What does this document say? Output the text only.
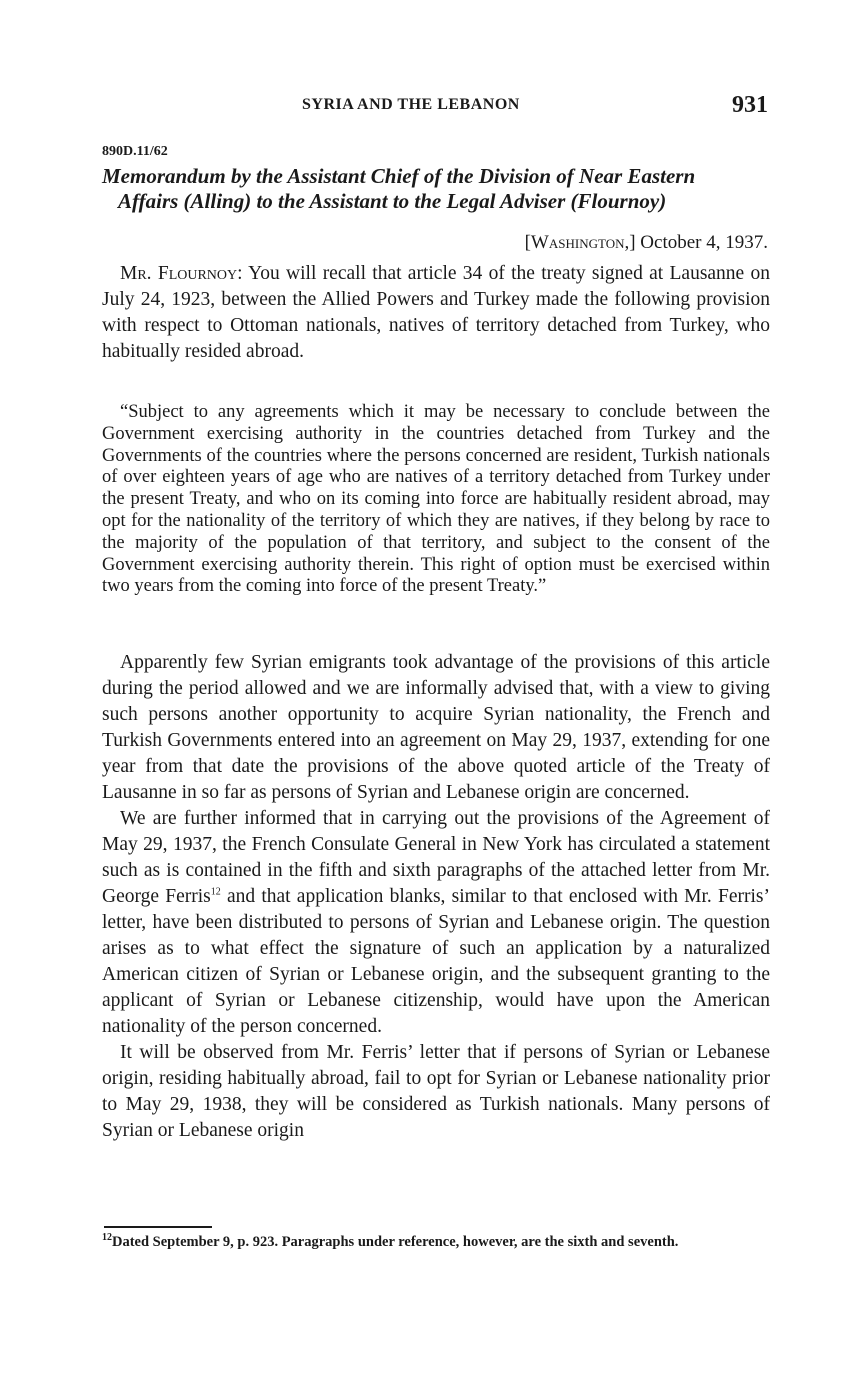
SYRIA AND THE LEBANON	931
890D.11/62
Memorandum by the Assistant Chief of the Division of Near Eastern
Affairs (Alling) to the Assistant to the Legal Adviser (Flournoy)
[Washington,] October 4, 1937.

Mr. Flournoy: You will recall that article 34 of the treaty signed at Lausanne on July 24, 1923, between the Allied Powers and Turkey made the following provision with respect to Ottoman nationals, natives of territory detached from Turkey, who habitually resided abroad.

“Subject to any agreements which it may be necessary to conclude between the Government exercising authority in the countries detached from Turkey and the Governments of the countries where the persons concerned are resident, Turkish nationals of over eighteen years of age who are natives of a territory detached from Turkey under the present Treaty, and who on its coming into force are habitually resident abroad, may opt for the nationality of the territory of which they are natives, if they belong by race to the majority of the population of that territory, and subject to the consent of the Government exercising authority therein. This right of option must be exercised within two years from the coming into force of the present Treaty.”

Apparently few Syrian emigrants took advantage of the provisions of this article during the period allowed and we are informally advised that, with a view to giving such persons another opportunity to acquire Syrian nationality, the French and Turkish Governments entered into an agreement on May 29, 1937, extending for one year from that date the provisions of the above quoted article of the Treaty of Lausanne in so far as persons of Syrian and Lebanese origin are concerned.

We are further informed that in carrying out the provisions of the Agreement of May 29, 1937, the French Consulate General in New York has circulated a statement such as is contained in the fifth and sixth paragraphs of the attached letter from Mr. George Ferris$^{12}$ and that application blanks, similar to that enclosed with Mr. Ferris’ letter, have been distributed to persons of Syrian and Lebanese origin. The question arises as to what effect the signature of such an application by a naturalized American citizen of Syrian or Lebanese origin, and the subsequent granting to the applicant of Syrian or Lebanese citizenship, would have upon the American nationality of the person concerned.

It will be observed from Mr. Ferris’ letter that if persons of Syrian or Lebanese origin, residing habitually abroad, fail to opt for Syrian or Lebanese nationality prior to May 29, 1938, they will be considered as Turkish nationals. Many persons of Syrian or Lebanese origin

$^{12}$Dated September 9, p. 923. Paragraphs under reference, however, are the sixth and seventh.
